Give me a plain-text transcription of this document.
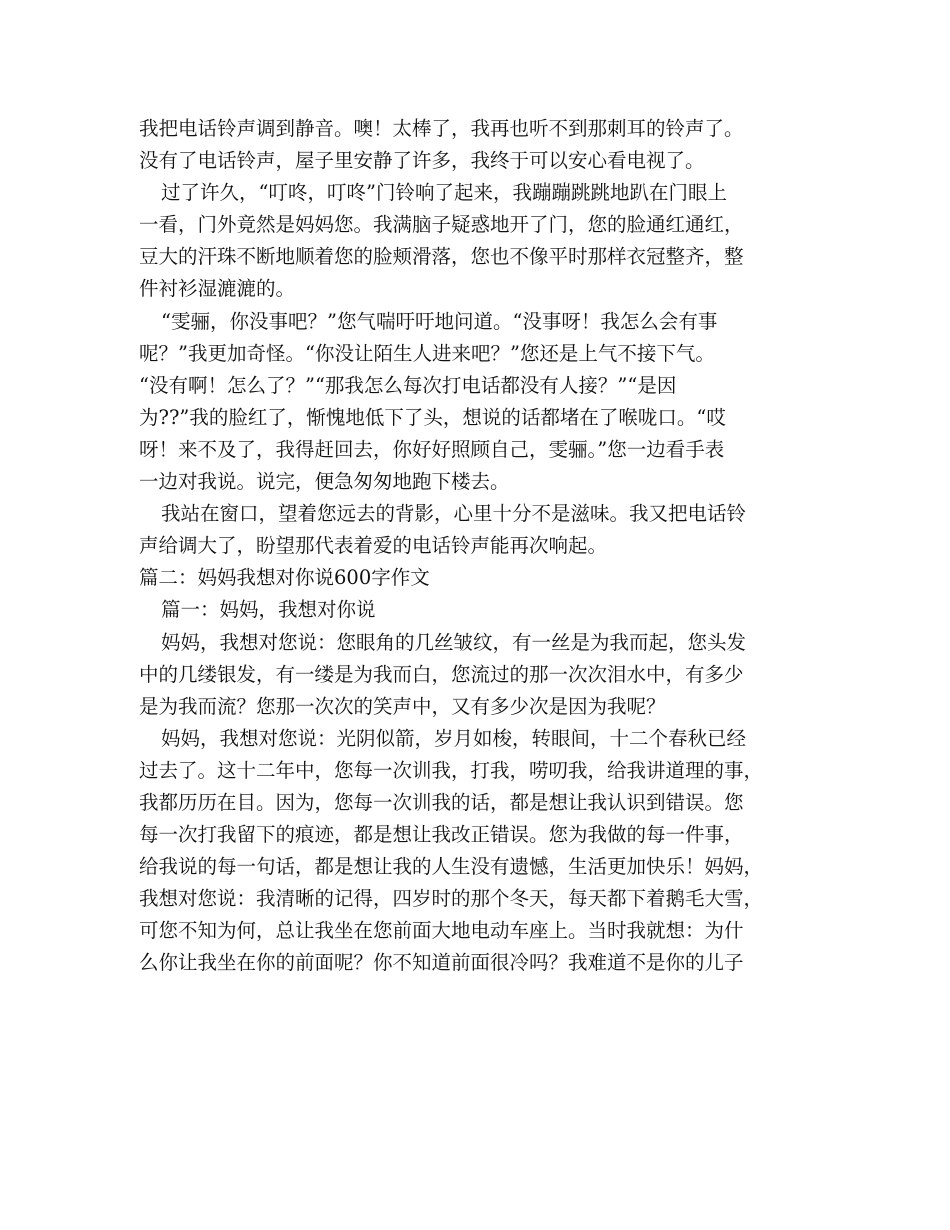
我把电话铃声调到静音。噢！太棒了，我再也听不到那刺耳的铃声了。
没有了电话铃声，屋子里安静了许多，我终于可以安心看电视了。
过了许久，“叮咚，叮咚”门铃响了起来，我蹦蹦跳跳地趴在门眼上
一看，门外竟然是妈妈您。我满脑子疑惑地开了门，您的脸通红通红，
豆大的汗珠不断地顺着您的脸颊滑落，您也不像平时那样衣冠整齐，整
件衬衫湿漉漉的。
“雯骊，你没事吧？”您气喘吁吁地问道。“没事呀！我怎么会有事
呢？”我更加奇怪。“你没让陌生人进来吧？”您还是上气不接下气。
“没有啊！怎么了？”“那我怎么每次打电话都没有人接？”“是因
为??”我的脸红了，惭愧地低下了头，想说的话都堵在了喉咙口。“哎
呀！来不及了，我得赶回去，你好好照顾自己，雯骊。”您一边看手表
一边对我说。说完，便急匆匆地跑下楼去。
我站在窗口，望着您远去的背影，心里十分不是滋味。我又把电话铃
声给调大了，盼望那代表着爱的电话铃声能再次响起。
篇二：妈妈我想对你说600字作文
篇一：妈妈，我想对你说
妈妈，我想对您说：您眼角的几丝皱纹，有一丝是为我而起，您头发
中的几缕银发，有一缕是为我而白，您流过的那一次次泪水中，有多少
是为我而流？您那一次次的笑声中，又有多少次是因为我呢？
妈妈，我想对您说：光阴似箭，岁月如梭，转眼间，十二个春秋已经
过去了。这十二年中，您每一次训我，打我，唠叨我，给我讲道理的事，
我都历历在目。因为，您每一次训我的话，都是想让我认识到错误。您
每一次打我留下的痕迹，都是想让我改正错误。您为我做的每一件事，
给我说的每一句话，都是想让我的人生没有遗憾，生活更加快乐！妈妈，
我想对您说：我清晰的记得，四岁时的那个冬天，每天都下着鹅毛大雪，
可您不知为何，总让我坐在您前面大地电动车座上。当时我就想：为什
么你让我坐在你的前面呢？你不知道前面很冷吗？我难道不是你的儿子
